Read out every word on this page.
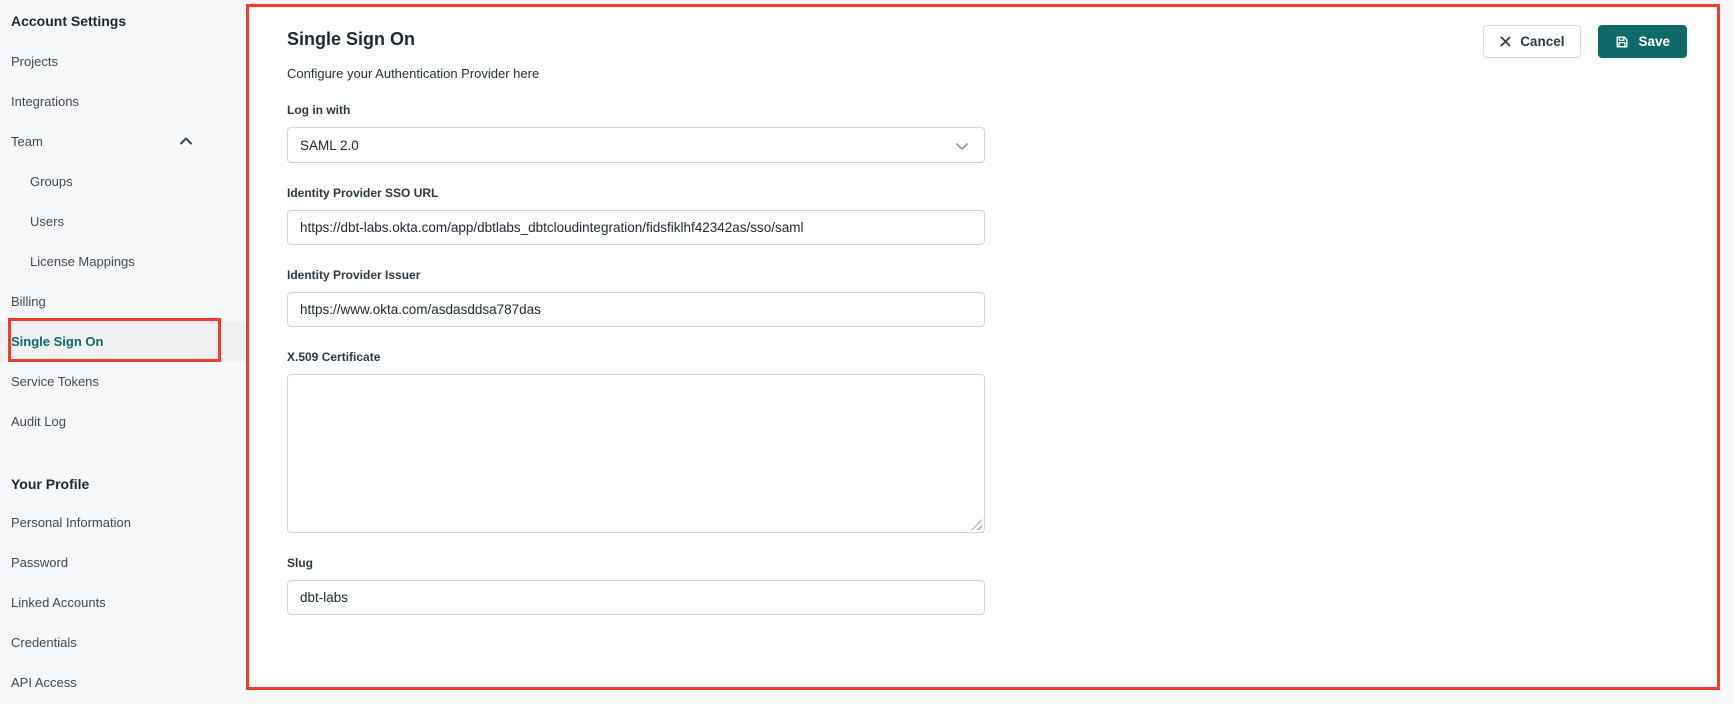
Account Settings
Projects
Integrations
Team
Groups
Users
License Mappings
Billing
Single Sign On
Service Tokens
Audit Log
Your Profile
Personal Information
Password
Linked Accounts
Credentials
API Access
Single Sign On

Configure your Authentication Provider here

Cancel	Save
Log in with
SAML 2.0
Identity Provider SSO URL
https://dbt-labs.okta.com/app/dbtlabs_dbtcloudintegration/fidsfiklhf42342as/sso/saml
Identity Provider Issuer
https://www.okta.com/asdasddsa787das
X.509 Certificate
Slug
dbt-labs
